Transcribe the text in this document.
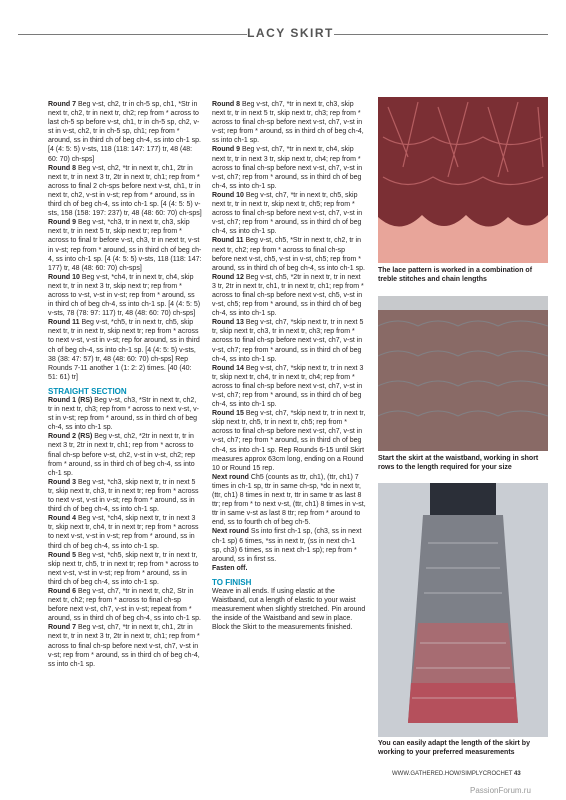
LACY SKIRT

Round 7 Beg v-st, ch2, tr in ch-5 sp, ch1, *Str in next tr, ch2, tr in next tr, ch2; rep from * across to last ch-5 sp before v-st, ch1, tr in ch-5 sp, ch2, v-st in v-st, ch2, tr in ch-5 sp, ch1; rep from * around, ss in third ch of beg ch-4, ss into ch-1 sp. [4 (4: 5: 5) v-sts, 118 (118: 147: 177) tr, 48 (48: 60: 70) ch-sps]

Round 8 Beg v-st, ch2, *tr in next tr, ch1, 2tr in next tr, tr in next 3 tr, 2tr in next tr, ch1; rep from * across to final 2 ch-sps before next v-st, ch1, tr in next tr, ch2, v-st in v-st; rep from * around, ss in third ch of beg ch-4, ss into ch-1 sp. [4 (4: 5: 5) v-sts, 158 (158: 197: 237) tr, 48 (48: 60: 70) ch-sps]

Round 9 Beg v-st, *ch3, tr in next tr, ch3, skip next tr, tr in next 5 tr, skip next tr; rep from * across to final tr before v-st, ch3, tr in next tr, v-st in v-st; rep from * around, ss in third ch of beg ch-4, ss into ch-1 sp. [4 (4: 5: 5) v-sts, 118 (118: 147: 177) tr, 48 (48: 60: 70) ch-sps]

Round 10 Beg v-st, *ch4, tr in next tr, ch4, skip next tr, tr in next 3 tr, skip next tr; rep from * across to v-st, v-st in v-st; rep from * around, ss in third ch of beg ch-4, ss into ch-1 sp. [4 (4: 5: 5) v-sts, 78 (78: 97: 117) tr, 48 (48: 60: 70) ch-sps]

Round 11 Beg v-st, *ch5, tr in next tr, ch5, skip next tr, tr in next tr, skip next tr; rep from * across to next v-st, v-st in v-st; rep for around, ss in third ch of beg ch-4, ss into ch-1 sp. [4 (4: 5: 5) v-sts, 38 (38: 47: 57) tr, 48 (48: 60: 70) ch-sps] Rep Rounds 7-11 another 1 (1: 2: 2) times. [40 (40: 51: 61) tr]

STRAIGHT SECTION

Round 1 (RS) Beg v-st, ch3, *Str in next tr, ch2, tr in next tr, ch3; rep from * across to next v-st, v-st in v-st; rep from * around, ss in third ch of beg ch-4, ss into ch-1 sp.

Round 2 (RS) Beg v-st, ch2, *2tr in next tr, tr in next 3 tr, 2tr in next tr, ch1; rep from * across to final ch-sp before v-st, ch2, v-st in v-st, ch2; rep from * around, ss in third ch of beg ch-4, ss into ch-1 sp.

Round 3 Beg v-st, *ch3, skip next tr, tr in next 5 tr, skip next tr, ch3, tr in next tr; rep from * across to next v-st, v-st in v-st; rep from * around, ss in third ch of beg ch-4, ss into ch-1 sp.

Round 4 Beg v-st, *ch4, skip next tr, tr in next 3 tr, skip next tr, ch4, tr in next tr; rep from * across to next v-st, v-st in v-st; rep from * around, ss in third ch of beg ch-4, ss into ch-1 sp.

Round 5 Beg v-st, *ch5, skip next tr, tr in next tr, skip next tr, ch5, tr in next tr; rep from * across to next v-st, v-st in v-st; rep from * around, ss in third ch of beg ch-4, ss into ch-1 sp.

Round 6 Beg v-st, ch7, *tr in next tr, ch2, Str in next tr, ch2; rep from * across to final ch-sp before next v-st, ch7, v-st in v-st; repeat from * around, ss in third ch of beg ch-4, ss into ch-1 sp.

Round 7 Beg v-st, ch7, *tr in next tr, ch1, 2tr in next tr, tr in next 3 tr, 2tr in next tr, ch1; rep from * across to final ch-sp before next v-st, ch7, v-st in v-st; rep from * around, ss in third ch of beg ch-4, ss into ch-1 sp.

Round 8 Beg v-st, ch7, *tr in next tr, ch3, skip next tr, tr in next 5 tr, skip next tr, ch3; rep from * across to final ch-sp before next v-st, ch7, v-st in v-st; rep from * around, ss in third ch of beg ch-4, ss into ch-1 sp.

Round 9 Beg v-st, ch7, *tr in next tr, ch4, skip next tr, tr in next 3 tr, skip next tr, ch4; rep from * across to final ch-sp before next v-st, ch7, v-st in v-st, ch7; rep from * around, ss in third ch of beg ch-4, ss into ch-1 sp.

Round 10 Beg v-st, ch7, *tr in next tr, ch5, skip next tr, tr in next tr, skip next tr, ch5; rep from * across to final ch-sp before next v-st, ch7, v-st in v-st, ch7; rep from * around, ss in third ch of beg ch-4, ss into ch-1 sp.

Round 11 Beg v-st, ch5, *Str in next tr, ch2, tr in next tr, ch2; rep from * across to final ch-sp before next v-st, ch5, v-st in v-st, ch5; rep from * around, ss in third ch of beg ch-4, ss into ch-1 sp.

Round 12 Beg v-st, ch5, *2tr in next tr, tr in next 3 tr, 2tr in next tr, ch1, tr in next tr, ch1; rep from * across to final ch-sp before next v-st, ch5, v-st in v-st, ch5; rep from * around, ss in third ch of beg ch-4, ss into ch-1 sp.

Round 13 Beg v-st, ch7, *skip next tr, tr in next 5 tr, skip next tr, ch3, tr in next tr, ch3; rep from * across to final ch-sp before next v-st, ch7, v-st in v-st, ch7; rep from * around, ss in third ch of beg ch-4, ss into ch-1 sp.

Round 14 Beg v-st, ch7, *skip next tr, tr in next 3 tr, skip next tr, ch4, tr in next tr, ch4; rep from * across to final ch-sp before next v-st, ch7, v-st in v-st, ch7; rep from * around, ss in third ch of beg ch-4, ss into ch-1 sp.

Round 15 Beg v-st, ch7, *skip next tr, tr in next tr, skip next tr, ch5, tr in next tr, ch5; rep from * across to final ch-sp before next v-st, ch7, v-st in v-st, ch7; rep from * around, ss in third ch of beg ch-4, ss into ch-1 sp. Rep Rounds 6-15 until Skirt measures approx 63cm long, ending on a Round 10 or Round 15 rep.

Next round Ch5 (counts as ttr, ch1), (ttr, ch1) 7 times in ch-1 sp, ttr in same ch-sp, *dc in next tr, (ttr, ch1) 8 times in next tr, ttr in same tr as last 8 ttr; rep from * to next v-st, (ttr, ch1) 8 times in v-st, ttr in same v-st as last 8 ttr; rep from * around to end, ss to fourth ch of beg ch-5.

Next round Ss into first ch-1 sp, (ch3, ss in next ch-1 sp) 6 times, *ss in next tr, (ss in next ch-1 sp, ch3) 6 times, ss in next ch-1 sp); rep from * around, ss in first ss.

Fasten off.

TO FINISH

Weave in all ends. If using elastic at the Waistband, cut a length of elastic to your waist measurement when slightly stretched. Pin around the inside of the Waistband and sew in place. Block the Skirt to the measurements finished.

The lace pattern is worked in a combination of treble stitches and chain lengths
Start the skirt at the waistband, working in short rows to the length required for your size
You can easily adapt the length of the skirt by working to your preferred measurements
WWW.GATHERED.HOW/SIMPLYCROCHET 43
PassionForum.ru
